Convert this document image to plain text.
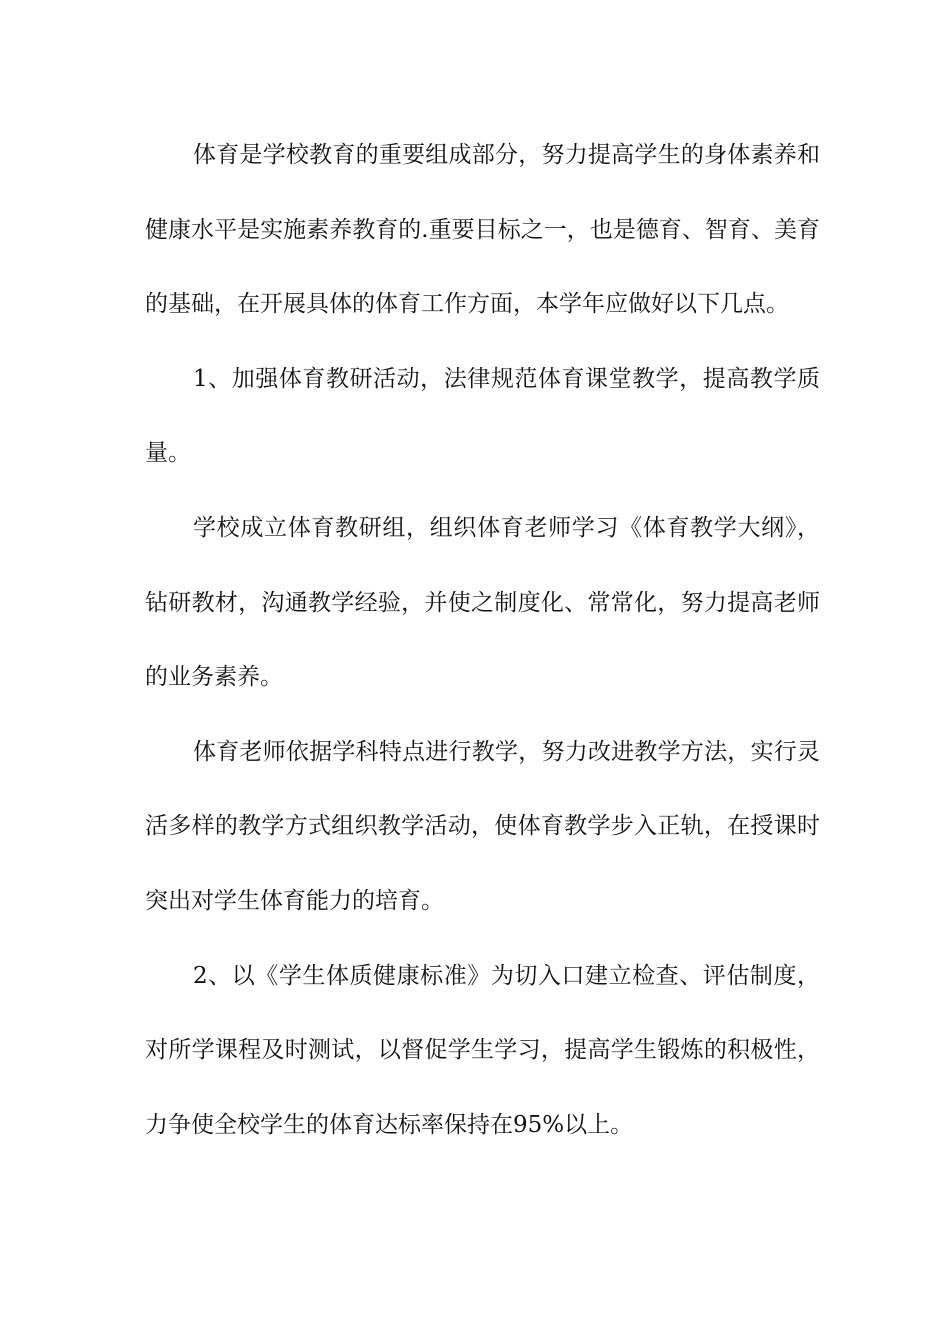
体育是学校教育的重要组成部分，努力提高学生的身体素养和健康水平是实施素养教育的.重要目标之一，也是德育、智育、美育的基础，在开展具体的体育工作方面，本学年应做好以下几点。

1、加强体育教研活动，法律规范体育课堂教学，提高教学质量。

学校成立体育教研组，组织体育老师学习《体育教学大纲》，钻研教材，沟通教学经验，并使之制度化、常常化，努力提高老师的业务素养。

体育老师依据学科特点进行教学，努力改进教学方法，实行灵活多样的教学方式组织教学活动，使体育教学步入正轨，在授课时突出对学生体育能力的培育。

2、以《学生体质健康标准》为切入口建立检查、评估制度，对所学课程及时测试，以督促学生学习，提高学生锻炼的积极性，力争使全校学生的体育达标率保持在95%以上。
